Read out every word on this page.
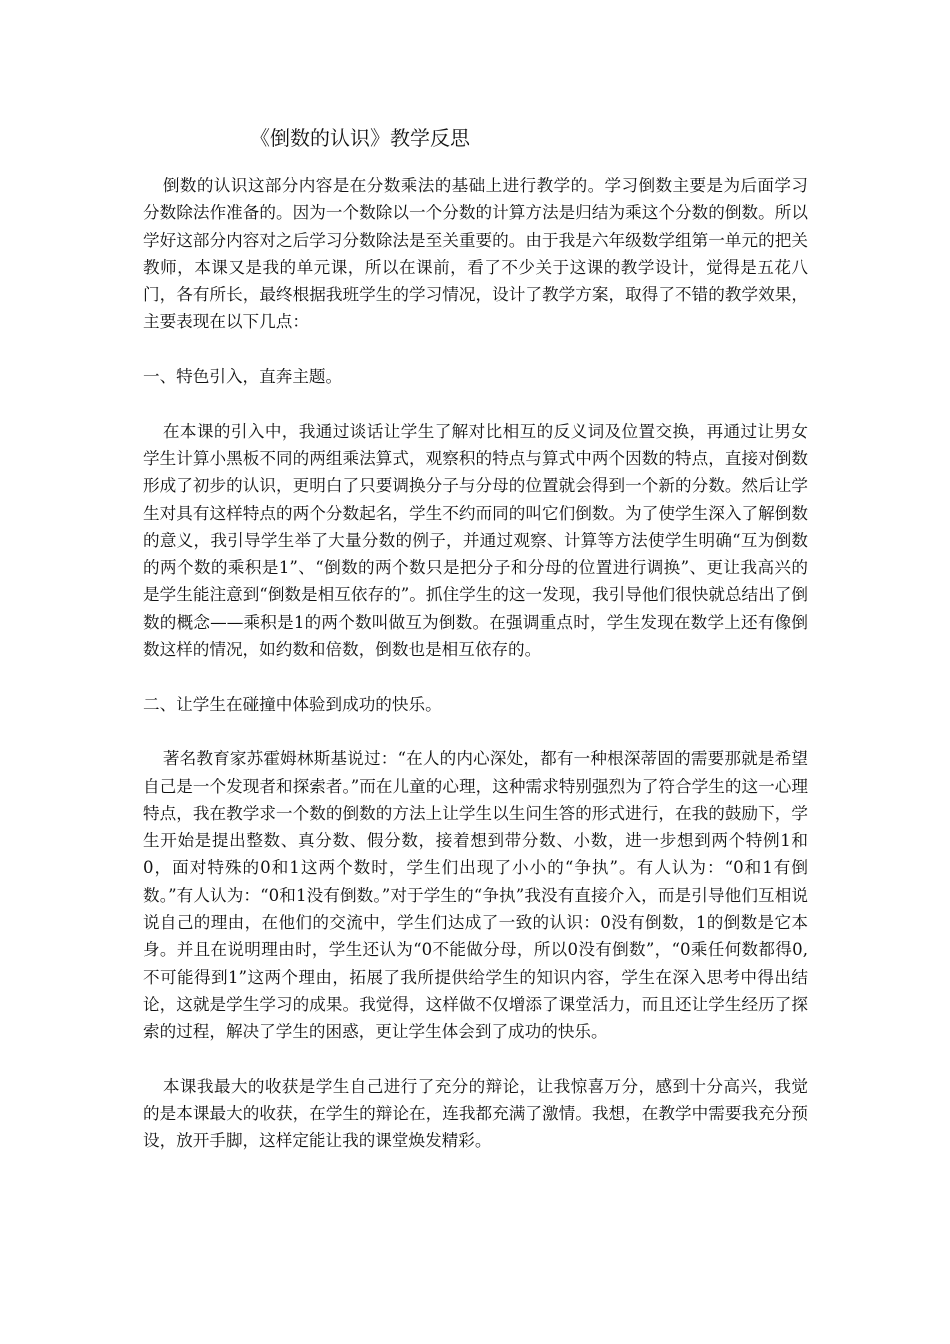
《倒数的认识》教学反思

倒数的认识这部分内容是在分数乘法的基础上进行教学的。学习倒数主要是为后面学习分数除法作准备的。因为一个数除以一个分数的计算方法是归结为乘这个分数的倒数。所以学好这部分内容对之后学习分数除法是至关重要的。由于我是六年级数学组第一单元的把关教师，本课又是我的单元课，所以在课前，看了不少关于这课的教学设计，觉得是五花八门，各有所长，最终根据我班学生的学习情况，设计了教学方案，取得了不错的教学效果，主要表现在以下几点：

一、特色引入，直奔主题。

在本课的引入中，我通过谈话让学生了解对比相互的反义词及位置交换，再通过让男女学生计算小黑板不同的两组乘法算式，观察积的特点与算式中两个因数的特点，直接对倒数形成了初步的认识，更明白了只要调换分子与分母的位置就会得到一个新的分数。然后让学生对具有这样特点的两个分数起名，学生不约而同的叫它们倒数。为了使学生深入了解倒数的意义，我引导学生举了大量分数的例子，并通过观察、计算等方法使学生明确“互为倒数的两个数的乘积是1”、“倒数的两个数只是把分子和分母的位置进行调换”、更让我高兴的是学生能注意到“倒数是相互依存的”。抓住学生的这一发现，我引导他们很快就总结出了倒数的概念——乘积是1的两个数叫做互为倒数。在强调重点时，学生发现在数学上还有像倒数这样的情况，如约数和倍数，倒数也是相互依存的。

二、让学生在碰撞中体验到成功的快乐。

著名教育家苏霍姆林斯基说过：“在人的内心深处，都有一种根深蒂固的需要那就是希望自己是一个发现者和探索者。”而在儿童的心理，这种需求特别强烈为了符合学生的这一心理特点，我在教学求一个数的倒数的方法上让学生以生问生答的形式进行，在我的鼓励下，学生开始是提出整数、真分数、假分数，接着想到带分数、小数，进一步想到两个特例1和0，面对特殊的0和1这两个数时，学生们出现了小小的“争执”。有人认为：“0和1有倒数。”有人认为：“0和1没有倒数。”对于学生的“争执”我没有直接介入，而是引导他们互相说说自己的理由，在他们的交流中，学生们达成了一致的认识：0没有倒数，1的倒数是它本身。并且在说明理由时，学生还认为“0不能做分母，所以0没有倒数”，“0乘任何数都得0,不可能得到1”这两个理由，拓展了我所提供给学生的知识内容，学生在深入思考中得出结论，这就是学生学习的成果。我觉得，这样做不仅增添了课堂活力，而且还让学生经历了探索的过程，解决了学生的困惑，更让学生体会到了成功的快乐。

本课我最大的收获是学生自己进行了充分的辩论，让我惊喜万分，感到十分高兴，我觉的是本课最大的收获，在学生的辩论在，连我都充满了激情。我想，在教学中需要我充分预设，放开手脚，这样定能让我的课堂焕发精彩。
